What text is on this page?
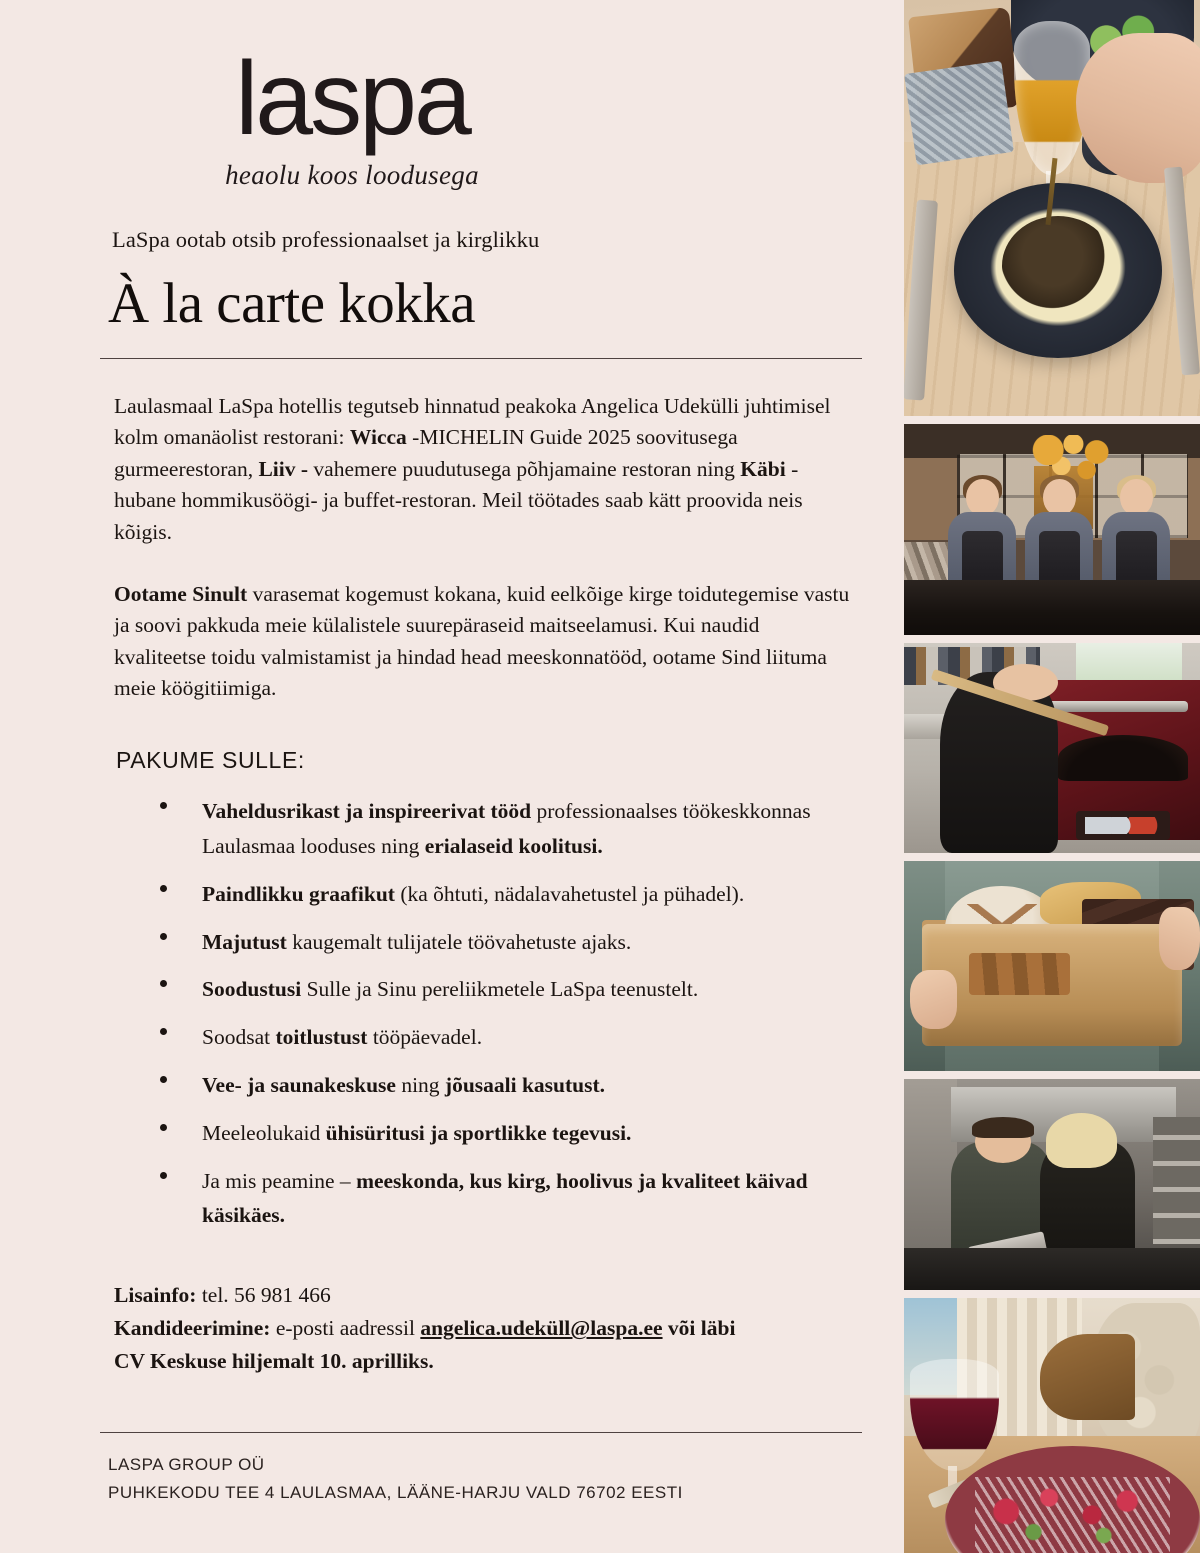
laspa
heaolu koos loodusega
LaSpa ootab otsib professionaalset ja kirglikku
À la carte kokka

Laulasmaal LaSpa hotellis tegutseb hinnatud peakoka Angelica Udekülli juhtimisel kolm omanäolist restorani: Wicca -MICHELIN Guide 2025 soovitusega gurmeerestoran, Liiv - vahemere puudutusega põhjamaine restoran ning Käbi - hubane hommikusöögi- ja buffet-restoran. Meil töötades saab kätt proovida neis kõigis.

Ootame Sinult varasemat kogemust kokana, kuid eelkõige kirge toidutegemise vastu ja soovi pakkuda meie külalistele suurepäraseid maitseelamusi. Kui naudid kvaliteetse toidu valmistamist ja hindad head meeskonnatööd, ootame Sind liituma meie köögitiimiga.

PAKUME SULLE:
Vaheldusrikast ja inspireerivat tööd professionaalses töökeskkonnas Laulasmaa looduses ning erialaseid koolitusi.
Paindlikku graafikut (ka õhtuti, nädalavahetustel ja pühadel).
Majutust kaugemalt tulijatele töövahetuste ajaks.
Soodustusi Sulle ja Sinu pereliikmetele LaSpa teenustelt.
Soodsat toitlustust tööpäevadel.
Vee- ja saunakeskuse ning jõusaali kasutust.
Meeleolukaid ühisüritusi ja sportlikke tegevusi.
Ja mis peamine – meeskonda, kus kirg, hoolivus ja kvaliteet käivad käsikäes.
Lisainfo: tel. 56 981 466
Kandideerimine: e-posti aadressil angelica.udeküll@laspa.ee või läbi
CV Keskuse hiljemalt 10. aprilliks.
LASPA GROUP OÜ
PUHKEKODU TEE 4 LAULASMAA, LÄÄNE-HARJU VALD 76702 EESTI
